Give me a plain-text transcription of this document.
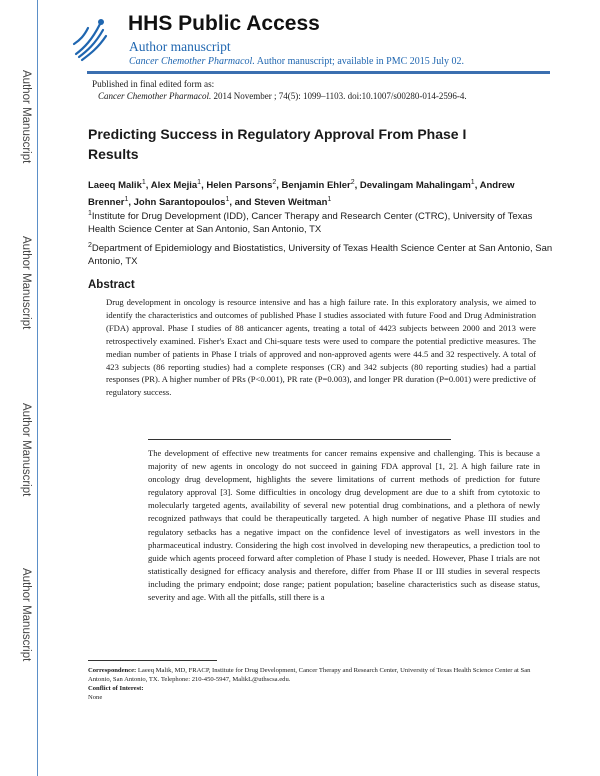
Author Manuscript
Author Manuscript
Author Manuscript
Author Manuscript
HHS Public Access
Author manuscript
Cancer Chemother Pharmacol. Author manuscript; available in PMC 2015 July 02.
Published in final edited form as:
Cancer Chemother Pharmacol. 2014 November ; 74(5): 1099–1103. doi:10.1007/s00280-014-2596-4.
Predicting Success in Regulatory Approval From Phase I Results
Laeeq Malik$^1$, Alex Mejia$^1$, Helen Parsons$^2$, Benjamin Ehler$^2$, Devalingam Mahalingam$^1$, Andrew Brenner$^1$, John Sarantopoulos$^1$, and Steven Weitman$^1$
$^1$Institute for Drug Development (IDD), Cancer Therapy and Research Center (CTRC), University of Texas Health Science Center at San Antonio, San Antonio, TX
$^2$Department of Epidemiology and Biostatistics, University of Texas Health Science Center at San Antonio, San Antonio, TX
Abstract
Drug development in oncology is resource intensive and has a high failure rate. In this exploratory analysis, we aimed to identify the characteristics and outcomes of published Phase I studies associated with future Food and Drug Administration (FDA) approval. Phase I studies of 88 anticancer agents, treating a total of 4423 subjects between 2000 and 2013 were retrospectively examined. Fisher's Exact and Chi-square tests were used to compare the potential predictive measures. The median number of patients in Phase I trials of approved and non-approved agents were 44.5 and 32 respectively. A total of 423 subjects (86 reporting studies) had a complete responses (CR) and 342 subjects (80 reporting studies) had a partial responses (PR). A higher number of PRs (P<0.001), PR rate (P=0.003), and longer PR duration (P=0.001) were predictive of regulatory success.
The development of effective new treatments for cancer remains expensive and challenging. This is because a majority of new agents in oncology do not succeed in gaining FDA approval [1, 2]. A high failure rate in oncology drug development, highlights the severe limitations of current methods of prediction for future regulatory approval [3]. Some difficulties in oncology drug development are due to a shift from cytotoxic to molecularly targeted agents, availability of several new potential drug combinations, and a plethora of newly recognized pathways that could be therapeutically targeted. A high number of negative Phase III studies and regulatory setbacks has a negative impact on the confidence level of investigators as well investors in the pharmaceutical industry. Considering the high cost involved in developing new therapeutics, a prediction tool to guide which agents proceed forward after completion of Phase I study is needed. However, Phase I trials are not statistically designed for efficacy analysis and therefore, differ from Phase II or III studies in several respects including the primary endpoint; dose range; patient population; baseline characteristics such as disease status, severity and age. With all the pitfalls, still there is a
Correspondence: Laeeq Malik, MD, FRACP, Institute for Drug Development, Cancer Therapy and Research Center, University of Texas Health Science Center at San Antonio, San Antonio, TX. Telephone: 210-450-5947, MalikL@uthscsa.edu.
Conflict of Interest:
None
